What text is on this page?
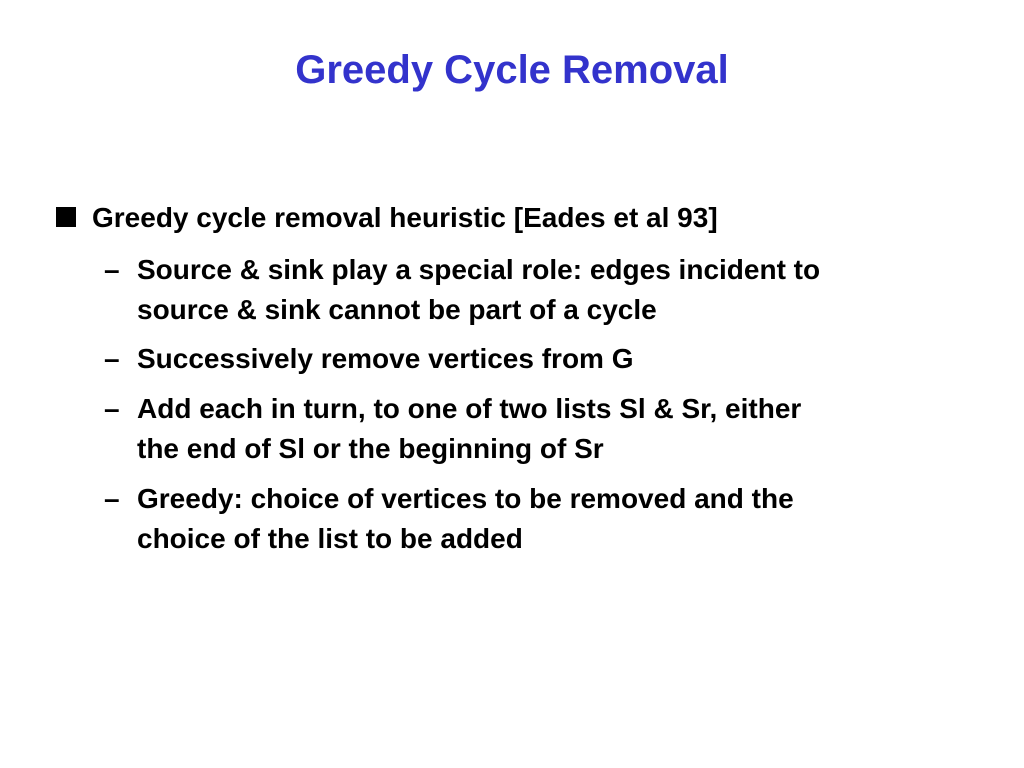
Greedy Cycle Removal
Greedy cycle removal heuristic [Eades et al 93]
– Source & sink play a special role: edges incident to
source & sink cannot be part of a cycle
– Successively remove vertices from G
– Add each in turn, to one of two lists Sl & Sr, either
the end of Sl or the beginning of Sr
– Greedy: choice of vertices to be removed and the
choice of the list to be added
